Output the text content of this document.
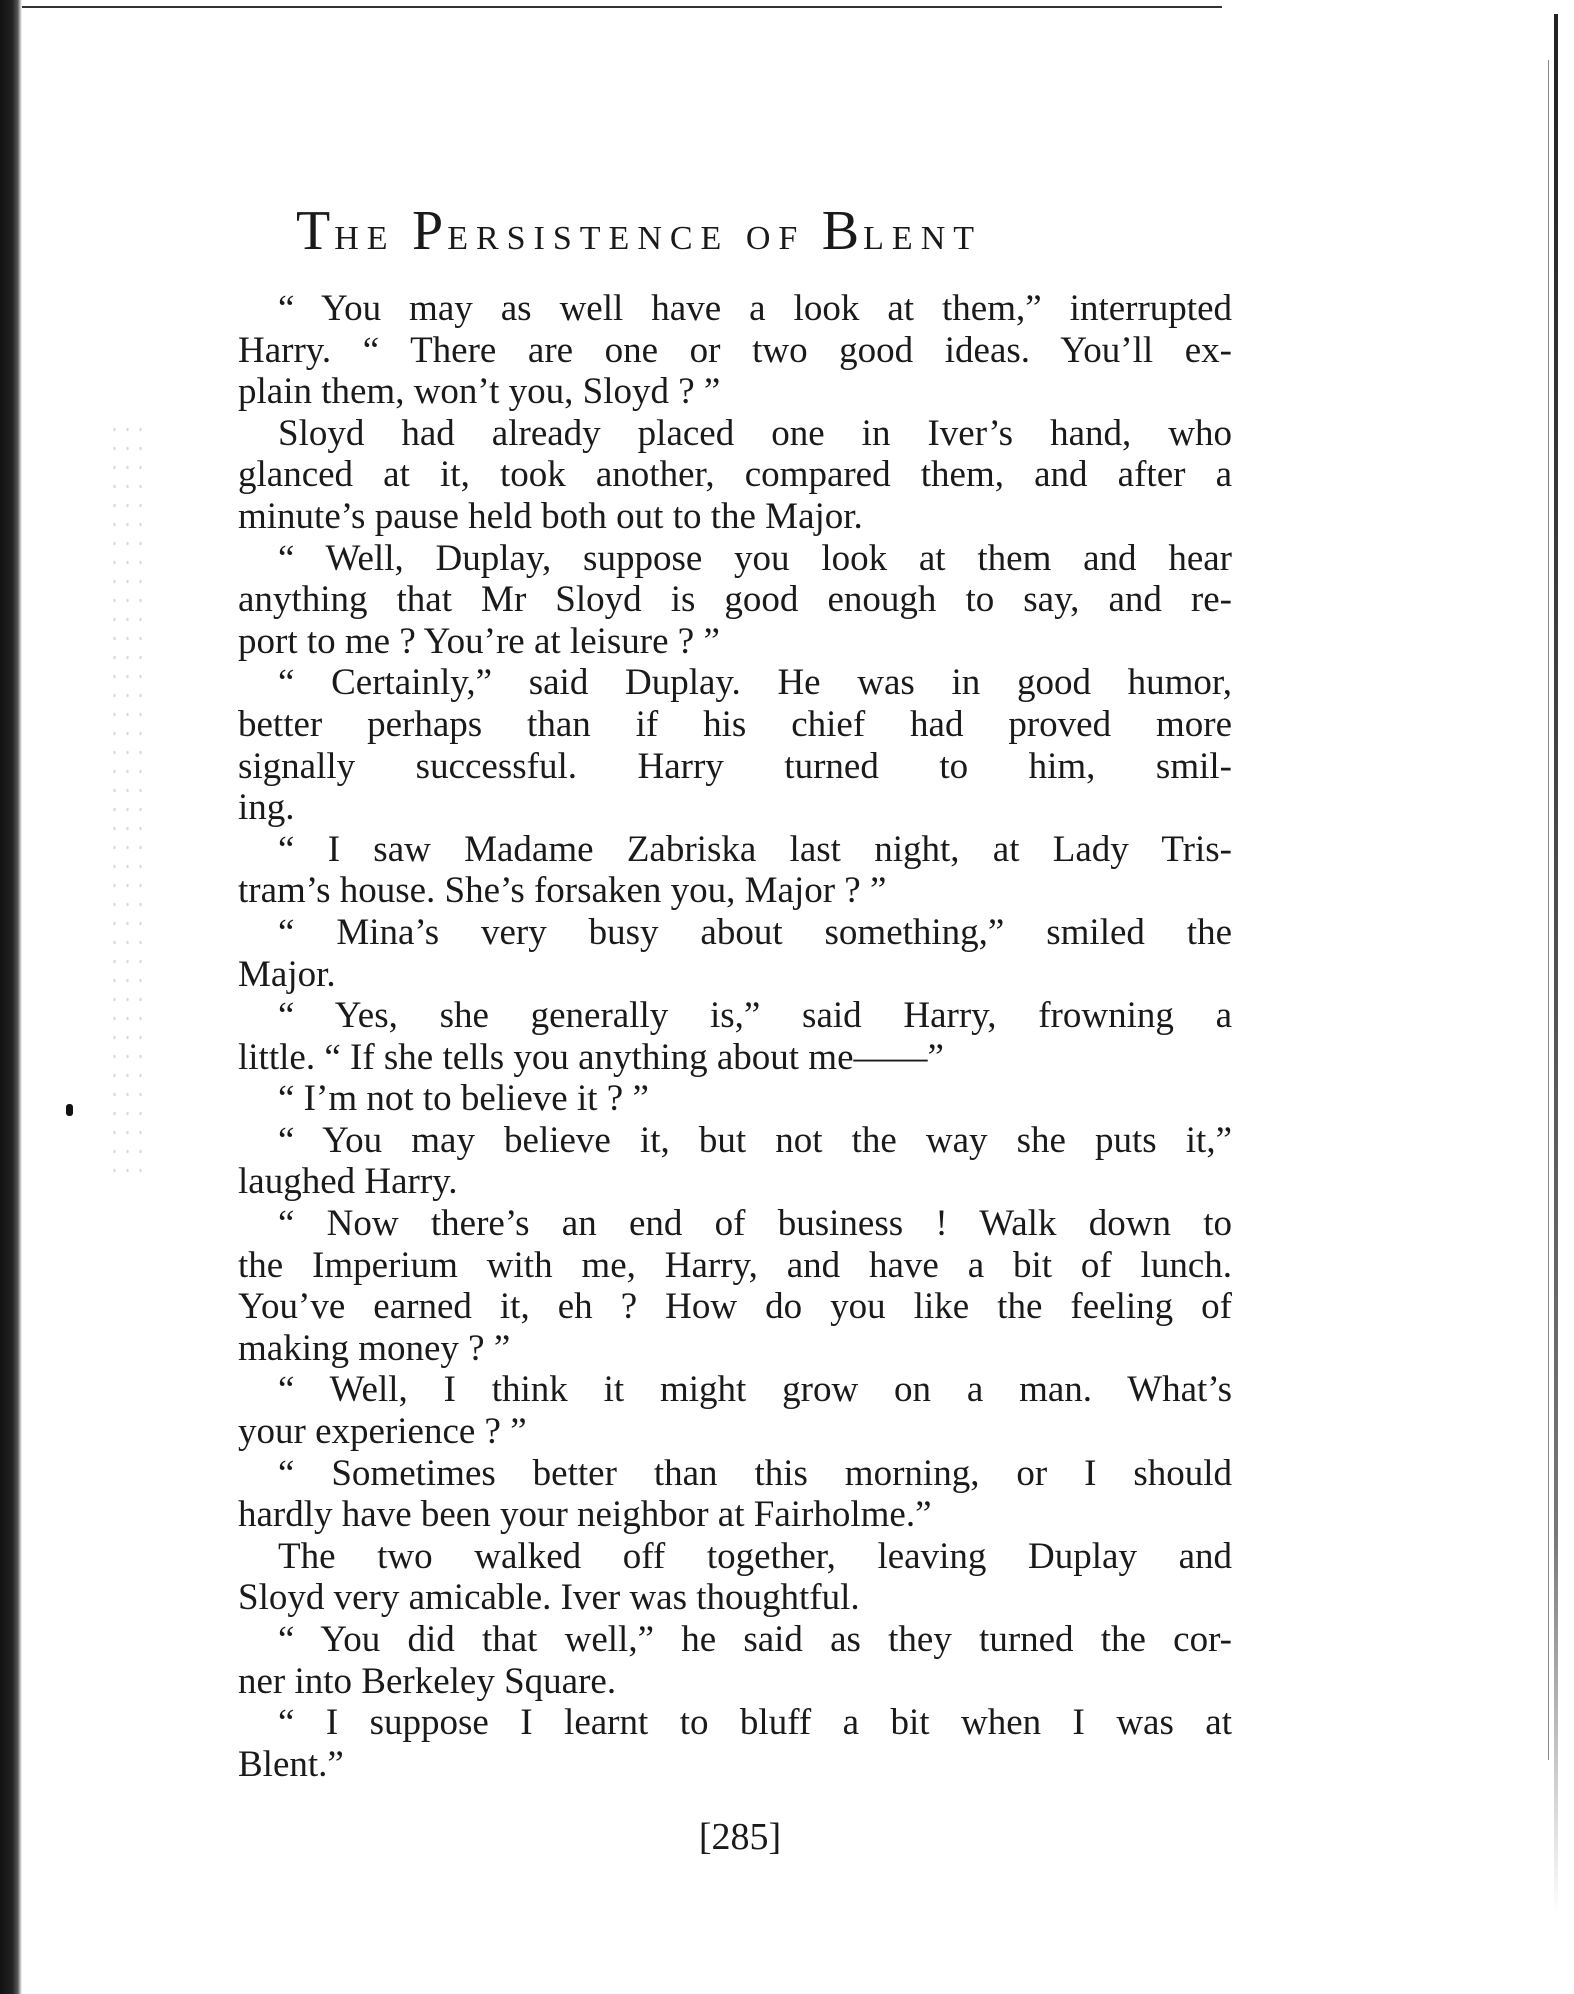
THE PERSISTENCE OF BLENT
“ You may as well have a look at them,” interrupted
Harry. “ There are one or two good ideas. You’ll ex-
plain them, won’t you, Sloyd ? ”
Sloyd had already placed one in Iver’s hand, who
glanced at it, took another, compared them, and after a
minute’s pause held both out to the Major.
“ Well, Duplay, suppose you look at them and hear
anything that Mr Sloyd is good enough to say, and re-
port to me ? You’re at leisure ? ”
“ Certainly,” said Duplay. He was in good humor,
better perhaps than if his chief had proved more
signally successful. Harry turned to him, smil-
ing.
“ I saw Madame Zabriska last night, at Lady Tris-
tram’s house. She’s forsaken you, Major ? ”
“ Mina’s very busy about something,” smiled the
Major.
“ Yes, she generally is,” said Harry, frowning a
little. “ If she tells you anything about me——”
“ I’m not to believe it ? ”
“ You may believe it, but not the way she puts it,”
laughed Harry.
“ Now there’s an end of business ! Walk down to
the Imperium with me, Harry, and have a bit of lunch.
You’ve earned it, eh ? How do you like the feeling of
making money ? ”
“ Well, I think it might grow on a man. What’s
your experience ? ”
“ Sometimes better than this morning, or I should
hardly have been your neighbor at Fairholme.”
The two walked off together, leaving Duplay and
Sloyd very amicable. Iver was thoughtful.
“ You did that well,” he said as they turned the cor-
ner into Berkeley Square.
“ I suppose I learnt to bluff a bit when I was at
Blent.”
[285]
